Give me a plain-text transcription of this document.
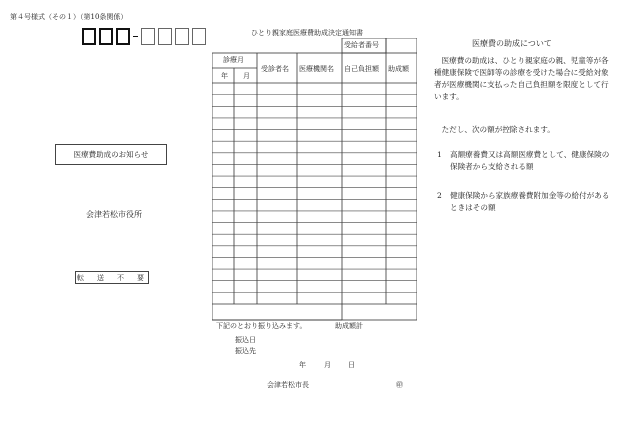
第４号様式（その１）（第10条関係）
医療費助成のお知らせ
会津若松市役所
転　送　不　要
ひとり親家庭医療費助成決定通知書
受給者番号
診療月
年 月
受診者名 医療機関名 自己負担額 助成額
下記のとおり振り込みます。	助成額計
振込日
振込先
年	月 日
会津若松市長	㊞
医療費の助成について
　医療費の助成は、ひとり親家庭の親、児童等が各種健康保険で医師等の診療を受けた場合に受給対象者が医療機関に支払った自己負担額を限度として行います。
　ただし、次の額が控除されます。
1 高額療養費又は高額医療費として、健康保険の保険者から支給される額
2 健康保険から家族療養費附加金等の給付があるときはその額
